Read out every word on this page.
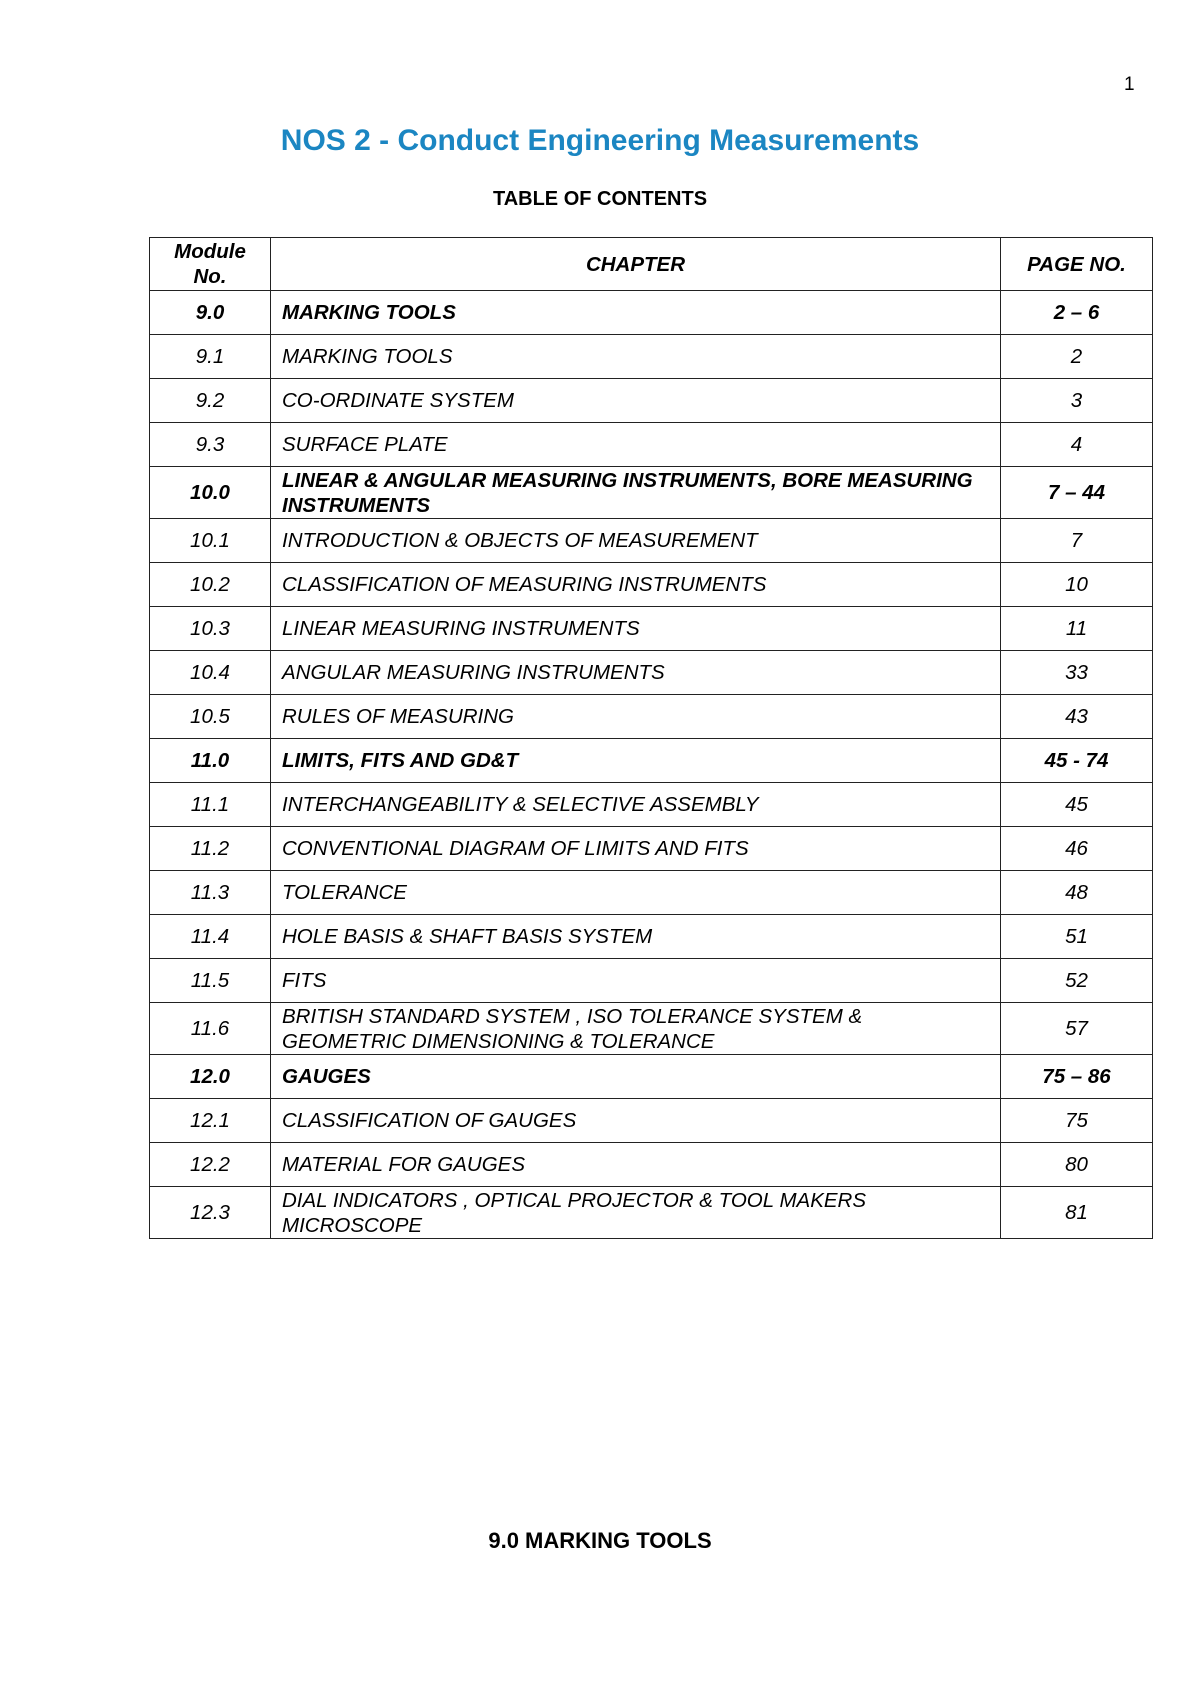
1
NOS 2 - Conduct Engineering Measurements
TABLE OF CONTENTS
Module No.	CHAPTER	PAGE NO.
9.0	MARKING TOOLS	2 – 6
9.1	MARKING TOOLS	2
9.2	CO-ORDINATE SYSTEM	3
9.3	SURFACE PLATE	4
10.0	LINEAR & ANGULAR MEASURING INSTRUMENTS, BORE MEASURING INSTRUMENTS	7 – 44
10.1	INTRODUCTION & OBJECTS OF MEASUREMENT	7
10.2	CLASSIFICATION OF MEASURING INSTRUMENTS	10
10.3	LINEAR MEASURING INSTRUMENTS	11
10.4	ANGULAR MEASURING INSTRUMENTS	33
10.5	RULES OF MEASURING	43
11.0	LIMITS, FITS AND GD&T	45 - 74
11.1	INTERCHANGEABILITY & SELECTIVE ASSEMBLY	45
11.2	CONVENTIONAL DIAGRAM OF LIMITS AND FITS	46
11.3	TOLERANCE	48
11.4	HOLE BASIS & SHAFT BASIS SYSTEM	51
11.5	FITS	52
11.6	BRITISH STANDARD SYSTEM , ISO TOLERANCE SYSTEM & GEOMETRIC DIMENSIONING & TOLERANCE	57
12.0	GAUGES	75 – 86
12.1	CLASSIFICATION OF GAUGES	75
12.2	MATERIAL FOR GAUGES	80
12.3	DIAL INDICATORS , OPTICAL PROJECTOR & TOOL MAKERS MICROSCOPE	81
9.0 MARKING TOOLS
